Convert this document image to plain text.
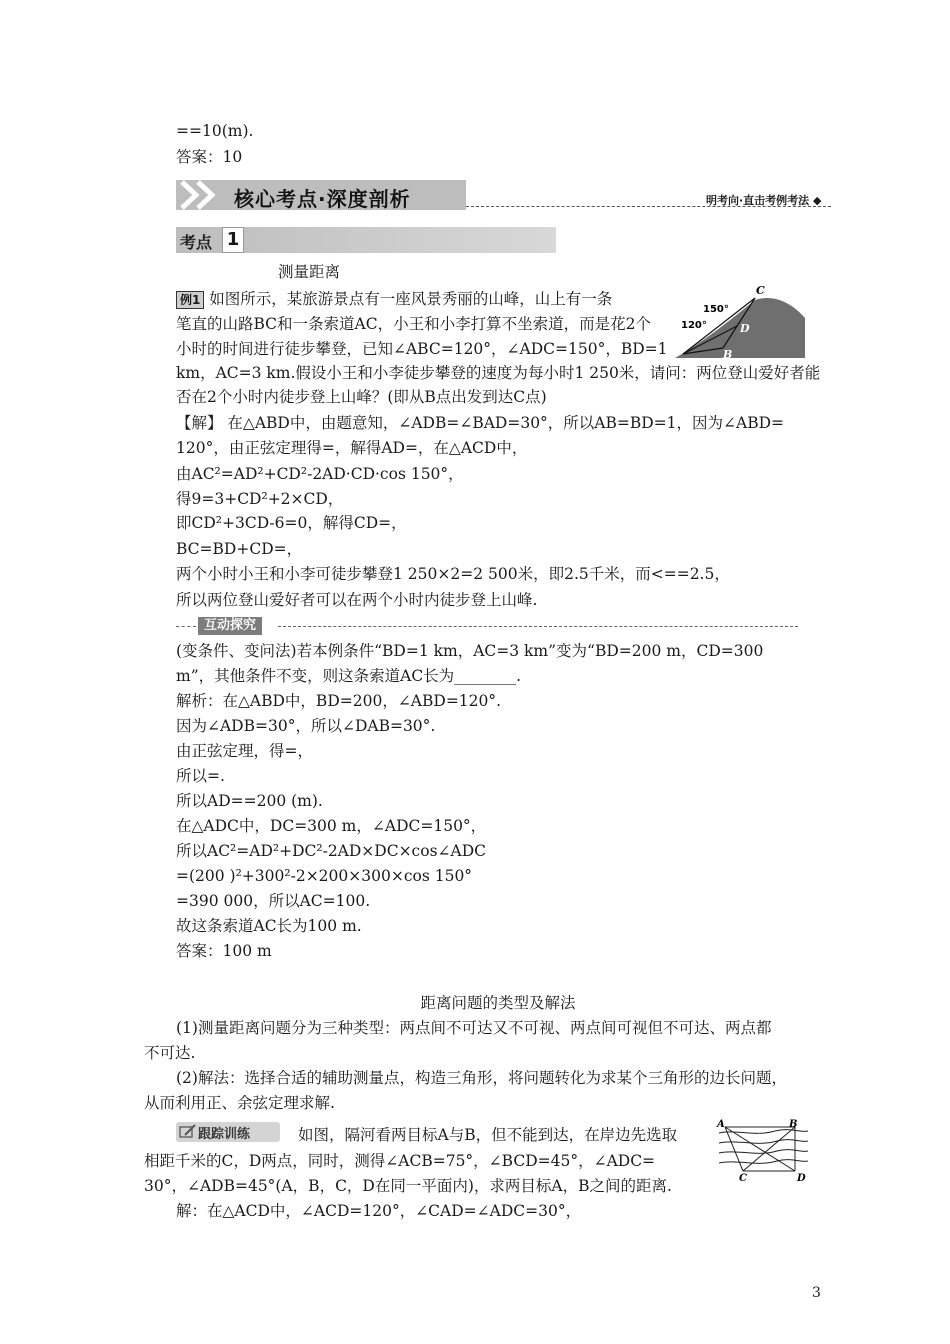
==10(m).
答案：10
核心考点·深度剖析	明考向·直击考例考法 ◆
考点 1
测量距离
例1 如图所示，某旅游景点有一座风景秀丽的山峰，山上有一条
笔直的山路BC和一条索道AC，小王和小李打算不坐索道，而是花2个
小时的时间进行徒步攀登，已知∠ABC=120°，∠ADC=150°，BD=1
km，AC=3 km.假设小王和小李徒步攀登的速度为每小时1 250米，请问：两位登山爱好者能
否在2个小时内徒步登上山峰？(即从B点出发到达C点)
C
150°
120°	D
A	B
【解】 在△ABD中，由题意知，∠ADB=∠BAD=30°，所以AB=BD=1，因为∠ABD=
120°，由正弦定理得=，解得AD=，在△ACD中，
由AC²=AD²+CD²-2AD·CD·cos 150°，
得9=3+CD²+2×CD，
即CD²+3CD-6=0，解得CD=，
BC=BD+CD=，
两个小时小王和小李可徒步攀登1 250×2=2 500米，即2.5千米，而<==2.5，
所以两位登山爱好者可以在两个小时内徒步登上山峰.
互动探究
(变条件、变问法)若本例条件“BD=1 km，AC=3 km”变为“BD=200 m，CD=300
m”，其他条件不变，则这条索道AC长为________.
解析：在△ABD中，BD=200，∠ABD=120°.
因为∠ADB=30°，所以∠DAB=30°.
由正弦定理，得=，
所以=.
所以AD==200 (m).
在△ADC中，DC=300 m，∠ADC=150°，
所以AC²=AD²+DC²-2AD×DC×cos∠ADC
=(200 )²+300²-2×200×300×cos 150°
=390 000，所以AC=100.
故这条索道AC长为100 m.
答案：100 m
距离问题的类型及解法
(1)测量距离问题分为三种类型：两点间不可达又不可视、两点间可视但不可达、两点都
不可达.
(2)解法：选择合适的辅助测量点，构造三角形，将问题转化为求某个三角形的边长问题，
从而利用正、余弦定理求解.
跟踪训练	如图，隔河看两目标A与B，但不能到达，在岸边先选取
相距千米的C，D两点，同时，测得∠ACB=75°，∠BCD=45°，∠ADC=
30°，∠ADB=45°(A，B，C，D在同一平面内)，求两目标A，B之间的距离.
解：在△ACD中，∠ACD=120°，∠CAD=∠ADC=30°，
A	B
C	D
3
